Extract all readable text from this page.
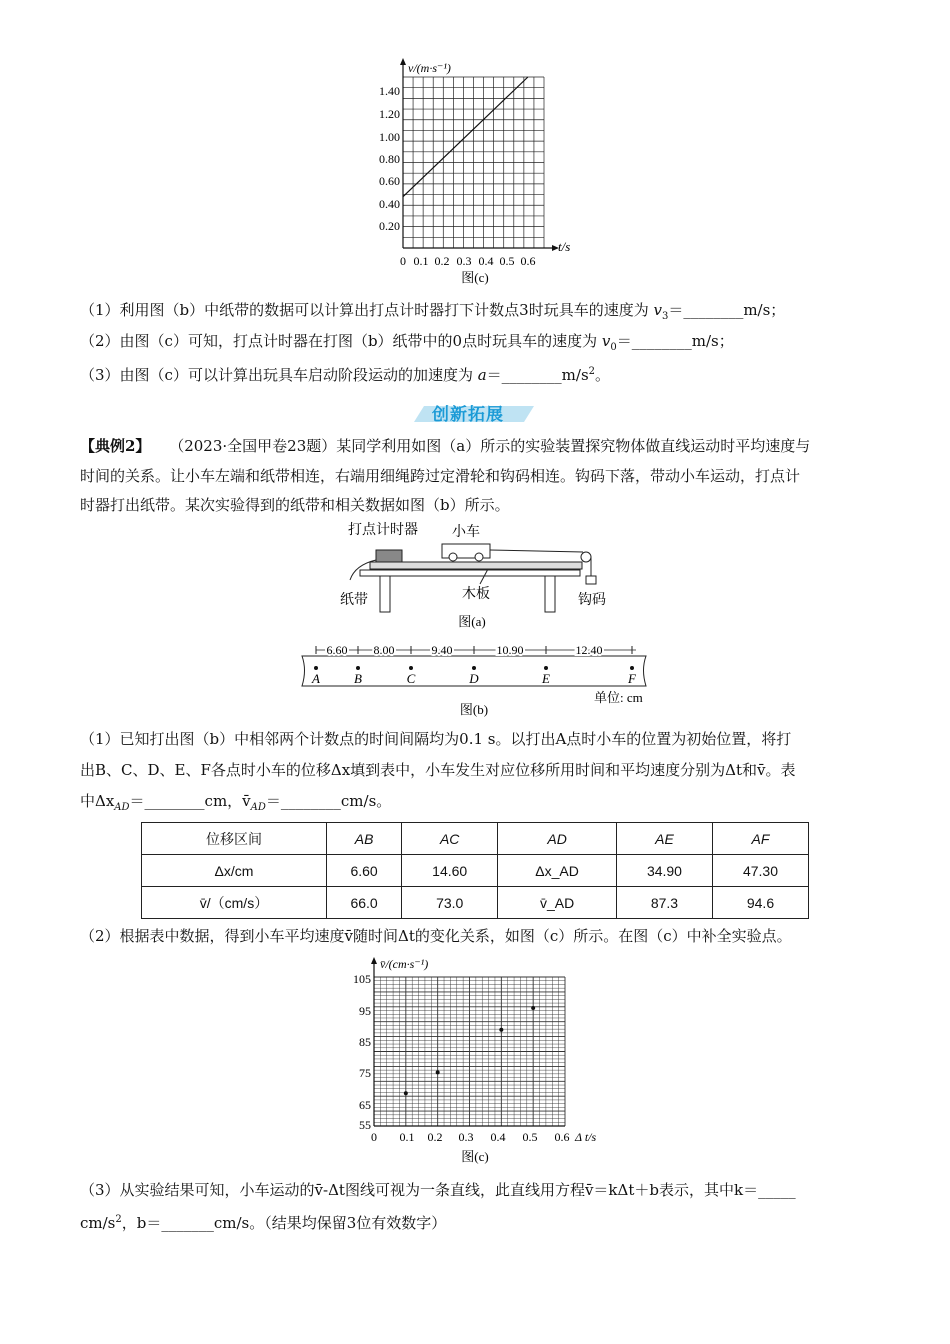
v/(m·s⁻¹)
t/s
1.40
1.20
1.00
0.80
0.60
0.40
0.20
0 0.1 0.2 0.3 0.4 0.5 0.6
图(c)
（1）利用图（b）中纸带的数据可以计算出打点计时器打下计数点3时玩具车的速度为 $v_3=\_\_\_\_\_\_\_\_m/s$；
（2）由图（c）可知，打点计时器在打图（b）纸带中的0点时玩具车的速度为 $v_0=\_\_\_\_\_\_\_\_m/s$；
（3）由图（c）可以计算出玩具车启动阶段运动的加速度为 $a=\_\_\_\_\_\_\_\_m/s^2$。
创新拓展
【典例2】 （2023·全国甲卷23题）某同学利用如图（a）所示的实验装置探究物体做直线运动时平均速度与
时间的关系。让小车左端和纸带相连，右端用细绳跨过定滑轮和钩码相连。钩码下落，带动小车运动，打点计
时器打出纸带。某次实验得到的纸带和相关数据如图（b）所示。
打点计时器 小车
纸带	木板	钩码
图(a)
6.60 8.00	9.40	10.90	12.40
A	B	C	D	E	F
单位: cm
图(b)
（1）已知打出图（b）中相邻两个计数点的时间间隔均为0.1 s。以打出A点时小车的位置为初始位置，将打
出B、C、D、E、F各点时小车的位移Δx填到表中，小车发生对应位移所用时间和平均速度分别为Δt和v̄。表
中$\Delta x_{AD}=\_\_\_\_\_\_\_\_cm$，$v̄_{AD}=\_\_\_\_\_\_\_\_cm/s$。
位移区间	AB	AC	AD	AE	AF
Δx/cm	6.60	14.60	Δx_AD	34.90	47.30
v̄/（cm/s）	66.0	73.0	v̄_AD	87.3	94.6
（2）根据表中数据，得到小车平均速度v̄随时间Δt的变化关系，如图（c）所示。在图（c）中补全实验点。
v̄/(cm·s⁻¹)
Δ t/s
105
95
85
75
65
55
0 0.1 0.2 0.3 0.4 0.5 0.6
图(c)
（3）从实验结果可知，小车运动的v̄-Δt图线可视为一条直线，此直线用方程v̄＝kΔt＋b表示，其中k＝_____
$cm/s^2$，b＝_______cm/s。（结果均保留3位有效数字）
